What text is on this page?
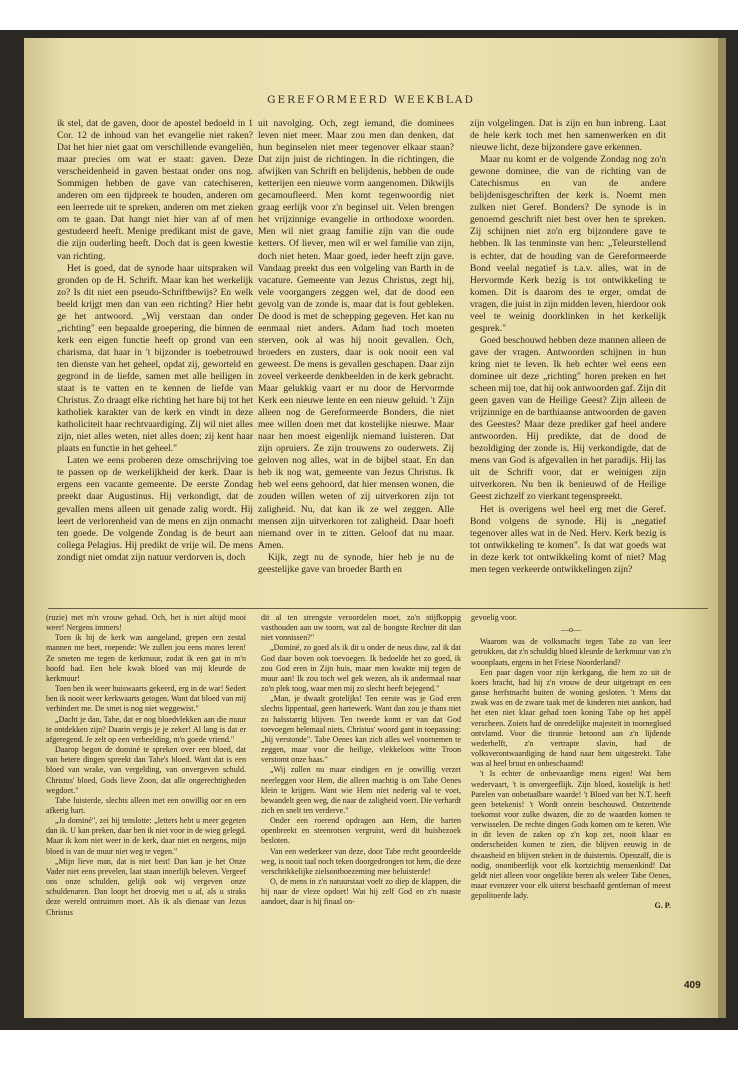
GEREFORMEERD WEEKBLAD

ik stel, dat de gaven, door de apostel bedoeld in 1 Cor. 12 de inhoud van het evangelie niet raken? Dat het hier niet gaat om verschillende evangeliën, maar precies om wat er staat: gaven. Deze verscheidenheid in gaven bestaat onder ons nog. Sommigen hebben de gave van catechiseren, anderen om een tijdpreek te houden, anderen om een leerrede uit te spreken, anderen om met zieken om te gaan. Dat hangt niet hier van af of men gestudeerd heeft. Menige predikant mist de gave, die zijn ouderling heeft. Doch dat is geen kwestie van richting.

Het is goed, dat de synode haar uitspraken wil gronden op de H. Schrift. Maar kan het werkelijk zo? Is dit niet een pseudo-Schriftbewijs? En welk beeld krijgt men dan van een richting? Hier hebt ge het antwoord. „Wij verstaan dan onder „richting" een bepaalde groepering, die binnen de kerk een eigen functie heeft op grond van een charisma, dat haar in 't bijzonder is toebetrouwd ten dienste van het geheel, opdat zij, geworteld en gegrond in de liefde, samen met alle heiligen in staat is te vatten en te kennen de liefde van Christus. Zo draagt elke richting het hare bij tot het katholiek karakter van de kerk en vindt in deze katholiciteit haar rechtvaardiging. Zij wil niet alles zijn, niet alles weten, niet alles doen; zij kent haar plaats en functie in het geheel."

Laten we eens proberen deze omschrijving toe te passen op de werkelijkheid der kerk. Daar is ergens een vacante gemeente. De eerste Zondag preekt daar Augustinus. Hij verkondigt, dat de gevallen mens alleen uit genade zalig wordt. Hij leert de verlorenheid van de mens en zijn onmacht ten goede. De volgende Zondag is de beurt aan collega Pelagius. Hij predikt de vrije wil. De mens zondigt niet omdat zijn natuur verdorven is, doch

uit navolging. Och, zegt iemand, die dominees leven niet meer. Maar zou men dan denken, dat hun beginselen niet meer tegenover elkaar staan? Dat zijn juist de richtingen. In die richtingen, die afwijken van Schrift en belijdenis, hebben de oude ketterijen een nieuwe vorm aangenomen. Dikwijls gecamoufleerd. Men komt tegenwoordig niet graag eerlijk voor z'n beginsel uit. Velen brengen het vrijzinnige evangelie in orthodoxe woorden. Men wil niet graag familie zijn van die oude ketters. Of liever, men wil er wel familie van zijn, doch niet heten. Maar goed, ieder heeft zijn gave. Vandaag preekt dus een volgeling van Barth in de vacature. Gemeente van Jezus Christus, zegt hij, vele voorgangers zeggen wel, dat de dood een gevolg van de zonde is, maar dat is fout gebleken. De dood is met de schepping gegeven. Het kan nu eenmaal niet anders. Adam had toch moeten sterven, ook al was hij nooit gevallen. Och, broeders en zusters, daar is ook nooit een val geweest. De mens is gevallen geschapen. Daar zijn zoveel verkeerde denkbeelden in de kerk gebracht. Maar gelukkig vaart er nu door de Hervormde Kerk een nieuwe lente en een nieuw geluid. 't Zijn alleen nog de Gereformeerde Bonders, die niet mee willen doen met dat kostelijke nieuwe. Maar naar hen moest eigenlijk niemand luisteren. Dat zijn opruiers. Ze zijn trouwens zo ouderwets. Zij geloven nog alles, wat in de bijbel staat. En dan heb ik nog wat, gemeente van Jezus Christus. Ik heb wel eens gehoord, dat hier mensen wonen, die zouden willen weten of zij uitverkoren zijn tot zaligheid. Nu, dat kan ik ze wel zeggen. Alle mensen zijn uitverkoren tot zaligheid. Daar hoeft niemand over in te zitten. Geloof dat nu maar. Amen.

Kijk, zegt nu de synode, hier heb je nu de geestelijke gave van broeder Barth en

zijn volgelingen. Dat is zijn en hun inbreng. Laat de hele kerk toch met hen samenwerken en dit nieuwe licht, deze bijzondere gave erkennen.

Maar nu komt er de volgende Zondag nog zo'n gewone dominee, die van de richting van de Catechismus en van de andere belijdenisgeschriften der kerk is. Noemt men zulken niet Geref. Bonders? De synode is in genoemd geschrift niet best over hen te spreken. Zij schijnen niet zo'n erg bijzondere gave te hebben. Ik las tenminste van hen: „Teleurstellend is echter, dat de houding van de Gereformeerde Bond veelal negatief is t.a.v. alles, wat in de Hervormde Kerk bezig is tot ontwikkeling te komen. Dit is daarom des te erger, omdat de vragen, die juist in zijn midden leven, hierdoor ook veel te weinig doorklinken in het kerkelijk gesprek."

Goed beschouwd hebben deze mannen alleen de gave der vragen. Antwoorden schijnen in hun kring niet te leven. Ik heb echter wel eens een dominee uit deze „richting" horen preken en het scheen mij toe, dat hij ook antwoorden gaf. Zijn dit geen gaven van de Heilige Geest? Zijn alleen de vrijzinnige en de barthiaanse antwoorden de gaven des Geestes? Maar deze prediker gaf heel andere antwoorden. Hij predikte, dat de dood de bezoldiging der zonde is. Hij verkondigde, dat de mens van God is afgevallen in het paradijs. Hij las uit de Schrift voor, dat er weinigen zijn uitverkoren. Nu ben ik benieuwd of de Heilige Geest zichzelf zo vierkant tegenspreekt.

Het is overigens wel heel erg met die Geref. Bond volgens de synode. Hij is „negatief tegenover alles wat in de Ned. Herv. Kerk bezig is tot ontwikkeling te komen". Is dat wat goeds wat in deze kerk tot ontwikkeling komt of niet? Mag men tegen verkeerde ontwikkelingen zijn?

(ruzie) met m'n vrouw gehad. Och, het is niet altijd mooi weer! Nergens immers!

Toen ik bij de kerk was aangeland, grepen een zestal mannen me beet, roepende: We zullen jou eens mores leren! Ze smeten me tegen de kerkmuur, zodat ik een gat in m'n hoofd had. Een hele kwak bloed van mij kleurde de kerkmuur!

Toen ben ik weer huiswaarts gekeerd, erg in de war! Sedert ben ik nooit weer kerkwaarts getogen. Want dat bloed van mij verhindert me. De smet is nog niet weggewist."

„Dacht je dan, Tabe, dat er nog bloedvlekken aan die muur te ontdekken zijn? Daarin vergis je je zeker! Al lang is dat er afgeregend. Je zelt op een verbeelding, m'n goede vriend."

Daarop begon de dominé te spreken over een bloed, dat van betere dingen spreekt dan Tabe's bloed. Want dat is een bloed van wrake, van vergelding, van onvergeven schuld. Christus' bloed, Gods lieve Zoon, dat alle ongerechtigheden wegdoet."

Tabe luisterde, slechts alleen met een onwillig oor en een afkerig hart.

„Ja dominé", zei hij tenslotte: „letters hebt u meer gegeten dan ik. U kan preken, daar ben ik niet voor in de wieg gelegd. Maar ik kom niet weer in de kerk, daar niet en nergens, mijn bloed is van de muur niet weg te vegen."

„Mijn lieve man, dat is niet best! Dan kan je het Onze Vader niet eens prevelen, laat staan innerlijk beleven. Vergeef ons onze schulden, gelijk ook wij vergeven onze schuldenaren. Dan loopt het droevig met u af, als u straks deze wereld ontruimen moet. Als ik als dienaar van Jezus Christus

dit al ten strengste veroordelen moet, zo'n stijfkoppig vasthouden aan uw toorn, wat zal de hoogste Rechter dit dan niet vonnissen?"

„Dominé, zo goed als ik dit u onder de neus duw, zal ik dat God daar boven ook toevoegen. Ik bedoelde het zo goed, ik zou God eren in Zijn huis, maar men kwakte mij tegen de muur aan! Ik zou toch wel gek wezen, als ik andermaal naar zo'n plek toog, waar men mij zo slecht heeft bejegend."

„Man, je dwaalt grotelijks! Ten eerste was je God eren slechts lippentaal, geen hartewerk. Want dan zou je thans niet zo halsstarrig blijven. Ten tweede komt er van dat God toevoegen helemaal niets. Christus' woord gant in toepassing: „hij verstonde". Tabe Oenes kan zich alles wel voornemen te zeggen, maar voor die heilige, vlekkeloos witte Troon verstomt onze baas."

„Wij zullen nu maar eindigen en je onwillig verzet neerleggen voor Hem, die alleen machtig is om Tabe Oenes klein te krijgen. Want wie Hem niet nederig val te voet, bewandelt geen weg, die naar de zaligheid voert. Die verhardt zich en snelt ten verderve."

Onder een roerend opdragen aan Hem, die harten openbreekt en steenrotsen vergruist, werd dit huisbezoek besloten.

Van een wederkeer van deze, door Tabe recht geoordeelde weg, is nooit taal noch teken doorgedrongen tot hem, die deze verschrikkelijke zielsontboezeming mee beluisterde!

O, de mens in z'n natuurstaat voelt zo diep de klappen, die hij naar de vleze opdoet! Wat hij zelf God en z'n naaste aandoet, daar is hij finaal on-

gevoelig voor.

—o—

Waarom was de volksmacht tegen Tabe zo van leer getrokken, dat z'n schuldig bloed kleurde de kerkmuur van z'n woonplaats, ergens in het Friese Noorderland?

Een paar dagen voor zijn kerkgang, die hem zo uit de koers bracht, had hij z'n vrouw de deur uitgetrapt en een ganse herfstnacht buiten de woning gesloten. 't Mens dat zwak was en de zware taak met de kinderen niet aankon, had het eten niet klaar gehad toen koning Tabe op het appèl verscheen. Zoiets had de onredelijke majesteit in toornegloed ontvlamd. Voor die tirannie betoond aan z'n lijdende wederhelft, z'n vertrapte slavin, had de volksverontwaardiging de hand naar hem uitgestrekt. Tabe was al heel bruut en onbeschaamd!

't Is echter de onbevaardige mens eigen! Wat hem wedervaart, 't is onvergeeflijk. Zijn bloed, kostelijk is het! Parelen van onbetaalbare waarde! 't Bloed van het N.T. heeft geen betekenis! 't Wordt onrein beschouwd. Ontzettende toekomst voor zulke dwazen, die zo de waarden komen te verwisselen. De rechte dingen Gods komen om te keren. Wie in dit leven de zaken op z'n kop zet, nooit klaar en onderscheiden komen te zien, die blijven eeuwig in de dwaasheid en blijven steken in de duisternis. Openzalf, die is nodig, onontbeerlijk voor elk kortzichtig mensenkind! Dat geldt niet alleen voor ongelikte beren als weleer Tabe Oenes, maar evenzeer voor elk uiterst beschaafd gentleman of meest gepolitoerde lady.

G. P.

409
